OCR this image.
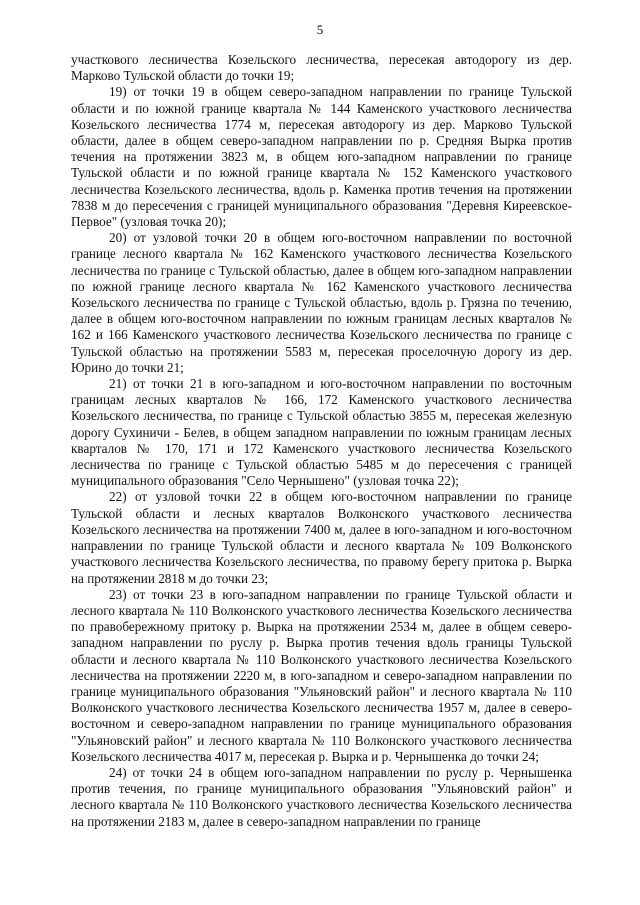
5

участкового лесничества Козельского лесничества, пересекая автодорогу из дер. Марково Тульской области до точки 19;

19) от точки 19 в общем северо-западном направлении по границе Тульской области и по южной границе квартала № 144 Каменского участкового лесничества Козельского лесничества 1774 м, пересекая автодорогу из дер. Марково Тульской области, далее в общем северо-западном направлении по р. Средняя Вырка против течения на протяжении 3823 м, в общем юго-западном направлении по границе Тульской области и по южной границе квартала № 152 Каменского участкового лесничества Козельского лесничества, вдоль р. Каменка против течения на протяжении 7838 м до пересечения с границей муниципального образования "Деревня Киреевское-Первое" (узловая точка 20);

20) от узловой точки 20 в общем юго-восточном направлении по восточной границе лесного квартала № 162 Каменского участкового лесничества Козельского лесничества по границе с Тульской областью, далее в общем юго-западном направлении по южной границе лесного квартала № 162 Каменского участкового лесничества Козельского лесничества по границе с Тульской областью, вдоль р. Грязна по течению, далее в общем юго-восточном направлении по южным границам лесных кварталов № 162 и 166 Каменского участкового лесничества Козельского лесничества по границе с Тульской областью на протяжении 5583 м, пересекая проселочную дорогу из дер. Юрино до точки 21;

21) от точки 21 в юго-западном и юго-восточном направлении по восточным границам лесных кварталов № 166, 172 Каменского участкового лесничества Козельского лесничества, по границе с Тульской областью 3855 м, пересекая железную дорогу Сухиничи - Белев, в общем западном направлении по южным границам лесных кварталов № 170, 171 и 172 Каменского участкового лесничества Козельского лесничества по границе с Тульской областью 5485 м до пересечения с границей муниципального образования "Село Чернышено" (узловая точка 22);

22) от узловой точки 22 в общем юго-восточном направлении по границе Тульской области и лесных кварталов Волконского участкового лесничества Козельского лесничества на протяжении 7400 м, далее в юго-западном и юго-восточном направлении по границе Тульской области и лесного квартала № 109 Волконского участкового лесничества Козельского лесничества, по правому берегу притока р. Вырка на протяжении 2818 м до точки 23;

23) от точки 23 в юго-западном направлении по границе Тульской области и лесного квартала № 110 Волконского участкового лесничества Козельского лесничества по правобережному притоку р. Вырка на протяжении 2534 м, далее в общем северо-западном направлении по руслу р. Вырка против течения вдоль границы Тульской области и лесного квартала № 110 Волконского участкового лесничества Козельского лесничества на протяжении 2220 м, в юго-западном и северо-западном направлении по границе муниципального образования "Ульяновский район" и лесного квартала № 110 Волконского участкового лесничества Козельского лесничества 1957 м, далее в северо-восточном и северо-западном направлении по границе муниципального образования "Ульяновский район" и лесного квартала № 110 Волконского участкового лесничества Козельского лесничества 4017 м, пересекая р. Вырка и р. Чернышенка до точки 24;

24) от точки 24 в общем юго-западном направлении по руслу р. Чернышенка против течения, по границе муниципального образования "Ульяновский район" и лесного квартала № 110 Волконского участкового лесничества Козельского лесничества на протяжении 2183 м, далее в северо-западном направлении по границе
